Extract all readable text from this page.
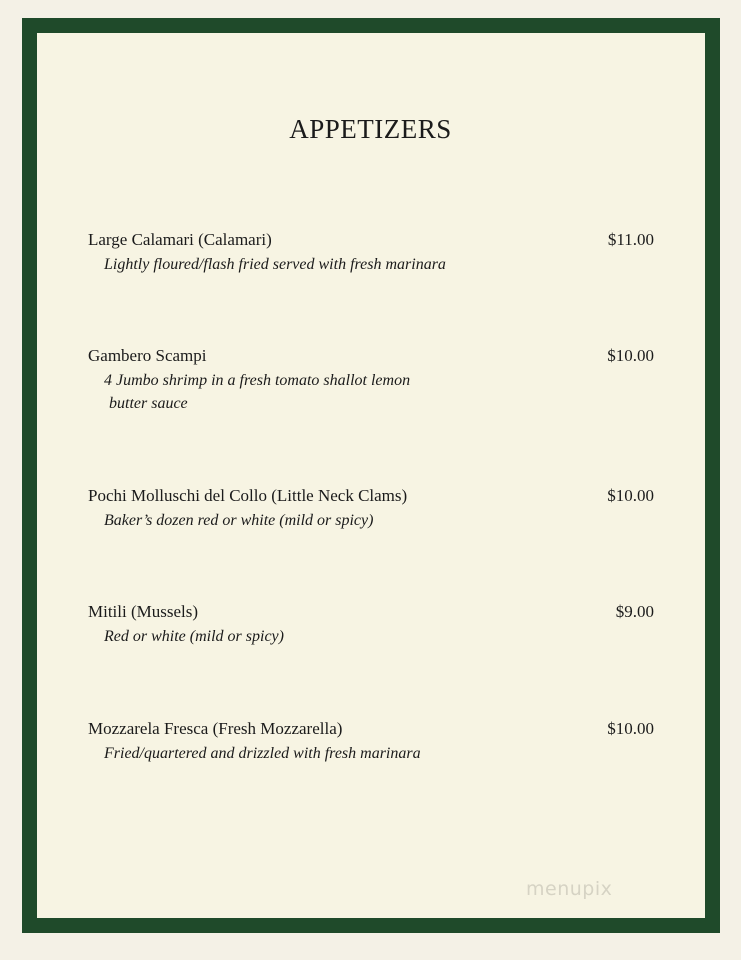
APPETIZERS
Large Calamari (Calamari)	$11.00
Lightly floured/flash fried served with fresh marinara
Gambero Scampi	$10.00
4 Jumbo shrimp in a fresh tomato shallot lemon
butter sauce
Pochi Molluschi del Collo (Little Neck Clams)	$10.00
Baker’s dozen red or white (mild or spicy)
Mitili (Mussels)	$9.00
Red or white (mild or spicy)
Mozzarela Fresca (Fresh Mozzarella)	$10.00
Fried/quartered and drizzled with fresh marinara
menupix
